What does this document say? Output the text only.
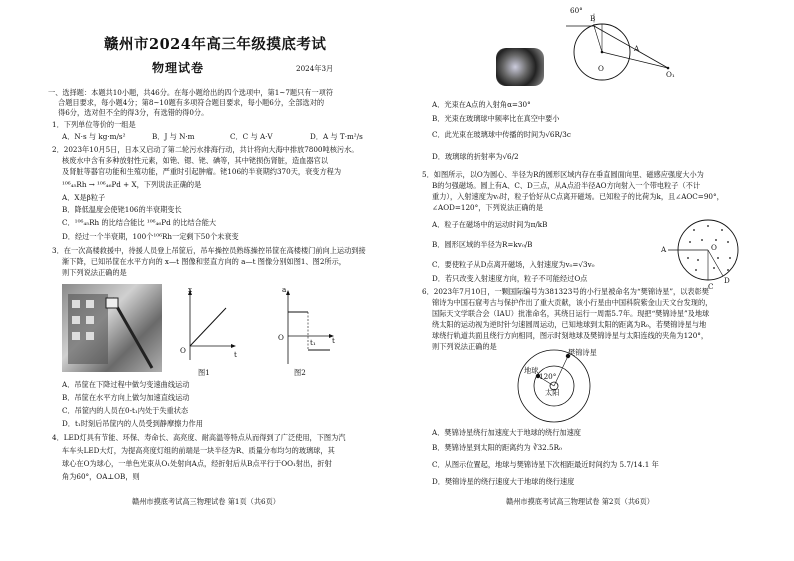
赣州市2024年高三年级摸底考试
物理试卷	2024年3月
一、选择题：本题共10小题，共46分。在每小题给出的四个选项中，第1~7题只有一项符
合题目要求，每小题4分；第8~10题有多项符合题目要求，每小题6分，全部选对的
得6分，选对但不全的得3分，有选错的得0分。
1．下列单位等价的一组是
A．N·s 与 kg·m/s²	B．J 与 N·m	C．C 与 A·V	D．A 与 T·m²/s
2．2023年10月5日，日本又启动了第二轮污水排海行动，共计将向大海中排放7800吨核污水。
核废水中含有多种放射性元素，如铯、锶、铑、碘等，其中铑损伤肾脏，造血器官以
及肾脏等器官功能和生殖功能，严重时引起肿瘤。铑106的半衰期约370天，衰变方程为
¹⁰⁶₄₅Rh → ¹⁰⁶₄₆Pd + X，下列说法正确的是
A．X是β粒子
B．降低温度会使铑106的半衰期变长
C．¹⁰⁶₄₅Rh 的比结合能比 ¹⁰⁶₄₆Pd 的比结合能大
D．经过一个半衰期，100个¹⁰⁶Rh一定剩下50个未衰变
3．在一次高楼救援中，待援人员登上吊筐后，吊车操控员熟练操控吊筐在高楼楼门前向上运动到接
渐下降，已知吊筐在水平方向的 x—t 图像和竖直方向的 a—t 图像分别如图1、图2所示，
则下列说法正确的是
x
O	t
图1
a
O
t₁ t
图2
A．吊筐在下降过程中做匀变速曲线运动
B．吊筐在水平方向上做匀加速直线运动
C．吊筐内的人员在0-t₁内处于失重状态
D．t₁时刻后吊筐内的人员受到静摩擦力作用
4．LED灯具有节能、环保、寿命长、高亮度、耐高温等特点从而得到了广泛使用，下图为汽
车车头LED大灯，为提高亮度灯组的前端是一块半径为R、质量分布均匀的玻璃球，其
球心在O为球心，一单色光束从O₁处射向A点，经折射后从B点平行于OO₁射出，折射
角为60°，OA⊥OB，则
赣州市摸底考试高三物理试卷 第1页（共6页）
60°
B
A
O
O₁
A．光束在A点的入射角α=30°
B．光束在玻璃球中频率比在真空中要小
C．此光束在玻璃球中传播的时间为√6R/3c
D．玻璃球的折射率为√6/2
5．如图所示，以O为圆心、半径为R的圆形区域内存在垂直圆面向里、磁感应强度大小为
B的匀强磁场。圆上有A、C、D三点，从A点沿半径AO方向射入一个带电粒子（不计
重力），入射速度为v₀时，粒子恰好从C点离开磁场。已知粒子的比荷为k，且∠AOC=90°，
∠AOD=120°，下列说法正确的是
A	O
C
D
A．粒子在磁场中的运动时间为π/kB
B．圆形区域的半径为R=kv₀/B
C．要使粒子从D点离开磁场，入射速度为v₀=√3v₀
D．若只改变入射速度方向，粒子不可能经过O点
6．2023年7月10日，一颗国际编号为381323号的小行星被命名为“樊锦诗星”，以表彰樊
锦诗为中国石窟考古与保护作出了重大贡献，该小行星由中国科院紫金山天文台发现的，
国际天文学联合会（IAU）批准命名，其绕日运行一周需5.7年。现把“樊锦诗星”及地球
绕太阳的运动视为逆时针匀速圆周运动，已知地球到太阳的距离为R₀，若樊锦诗星与地
球绕行轨道共面且绕行方向相同，图示时刻地球及樊锦诗星与太阳连线的夹角为120°，
则下列说法正确的是
樊锦诗星
地球
120°
太阳
A．樊锦诗星绕行加速度大于地球的绕行加速度
B．樊锦诗星到太阳的距离约为 ∛32.5R₀
C．从图示位置起，地球与樊锦诗星下次相距最近时间约为 5.7/14.1 年
D．樊锦诗星的绕行速度大于地球的绕行速度
赣州市摸底考试高三物理试卷 第2页（共6页）
